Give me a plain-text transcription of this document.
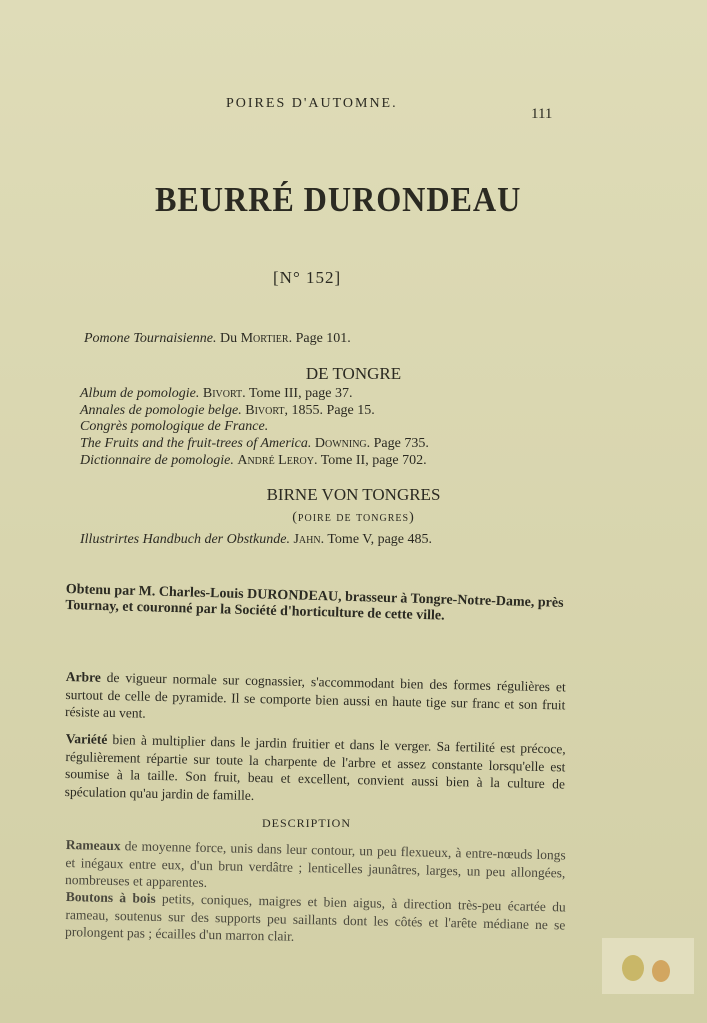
POIRES D'AUTOMNE.
111
BEURRÉ DURONDEAU
[N° 152]
Pomone Tournaisienne. Du Mortier. Page 101.
DE TONGRE
Album de pomologie. Bivort. Tome III, page 37.
Annales de pomologie belge. Bivort, 1855. Page 15.
Congrès pomologique de France.
The Fruits and the fruit-trees of America. Downing. Page 735.
Dictionnaire de pomologie. André Leroy. Tome II, page 702.
BIRNE VON TONGRES
(poire de tongres)
Illustrirtes Handbuch der Obstkunde. Jahn. Tome V, page 485.
Obtenu par M. Charles-Louis DURONDEAU, brasseur à Tongre-Notre-Dame, près Tournay, et couronné par la Société d'horticulture de cette ville.
Arbre de vigueur normale sur cognassier, s'accommodant bien des formes régulières et surtout de celle de pyramide. Il se comporte bien aussi en haute tige sur franc et son fruit résiste au vent.
Variété bien à multiplier dans le jardin fruitier et dans le verger. Sa fertilité est précoce, régulièrement répartie sur toute la charpente de l'arbre et assez constante lorsqu'elle est soumise à la taille. Son fruit, beau et excellent, convient aussi bien à la culture de spéculation qu'au jardin de famille.
DESCRIPTION
Rameaux de moyenne force, unis dans leur contour, un peu flexueux, à entre-nœuds longs et inégaux entre eux, d'un brun verdâtre ; lenticelles jaunâtres, larges, un peu allongées, nombreuses et apparentes.
Boutons à bois petits, coniques, maigres et bien aigus, à direction très-peu écartée du rameau, soutenus sur des supports peu saillants dont les côtés et l'arête médiane ne se prolongent pas ; écailles d'un marron clair.
